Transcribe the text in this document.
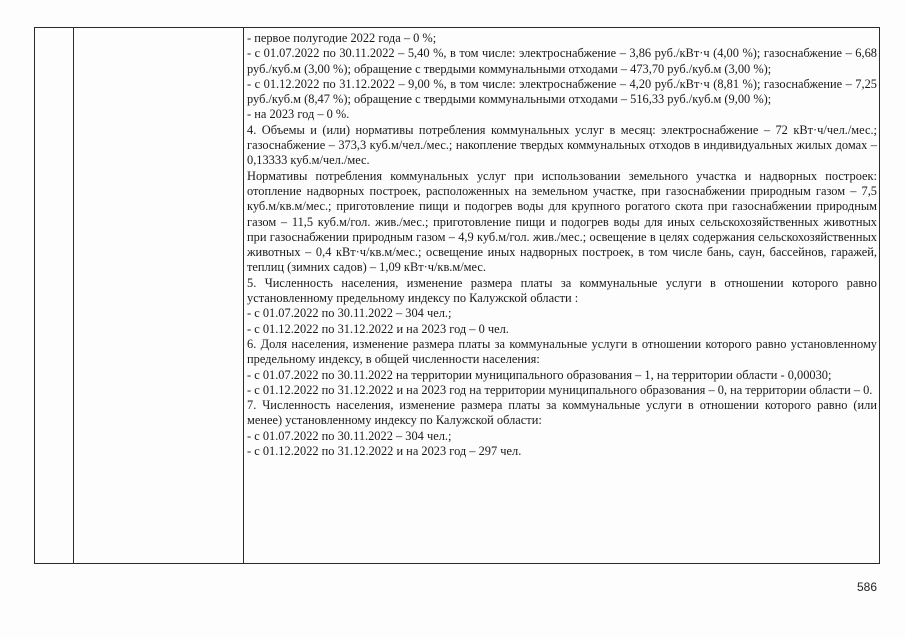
- первое полугодие 2022 года – 0 %;

- с 01.07.2022 по 30.11.2022 – 5,40 %, в том числе: электроснабжение – 3,86 руб./кВт·ч (4,00 %); газоснабжение – 6,68 руб./куб.м (3,00 %); обращение с твердыми коммунальными отходами – 473,70 руб./куб.м (3,00 %);

- с 01.12.2022 по 31.12.2022 – 9,00 %, в том числе: электроснабжение – 4,20 руб./кВт·ч (8,81 %); газоснабжение – 7,25 руб./куб.м (8,47 %); обращение с твердыми коммунальными отходами – 516,33 руб./куб.м (9,00 %);

- на 2023 год – 0 %.

4. Объемы и (или) нормативы потребления коммунальных услуг в месяц: электроснабжение – 72 кВт·ч/чел./мес.; газоснабжение – 373,3 куб.м/чел./мес.; накопление твердых коммунальных отходов в индивидуальных жилых домах – 0,13333 куб.м/чел./мес.

Нормативы потребления коммунальных услуг при использовании земельного участка и надворных построек: отопление надворных построек, расположенных на земельном участке, при газоснабжении природным газом – 7,5 куб.м/кв.м/мес.; приготовление пищи и подогрев воды для крупного рогатого скота при газоснабжении природным газом – 11,5 куб.м/гол. жив./мес.; приготовление пищи и подогрев воды для иных сельскохозяйственных животных при газоснабжении природным газом – 4,9 куб.м/гол. жив./мес.; освещение в целях содержания сельскохозяйственных животных – 0,4 кВт·ч/кв.м/мес.; освещение иных надворных построек, в том числе бань, саун, бассейнов, гаражей, теплиц (зимних садов) – 1,09 кВт·ч/кв.м/мес.

5. Численность населения, изменение размера платы за коммунальные услуги в отношении которого равно установленному предельному индексу по Калужской области :

- с 01.07.2022 по 30.11.2022 – 304 чел.;

- с 01.12.2022 по 31.12.2022 и на 2023 год – 0 чел.

6. Доля населения, изменение размера платы за коммунальные услуги в отношении которого равно установленному предельному индексу, в общей численности населения:

- с 01.07.2022 по 30.11.2022 на территории муниципального образования – 1, на территории области - 0,00030;

- с 01.12.2022 по 31.12.2022 и на 2023 год на территории муниципального образования – 0, на территории области – 0.

7. Численность населения, изменение размера платы за коммунальные услуги в отношении которого равно (или менее) установленному индексу по Калужской области:

- с 01.07.2022 по 30.11.2022 – 304 чел.;

- с 01.12.2022 по 31.12.2022 и на 2023 год – 297 чел.

586
